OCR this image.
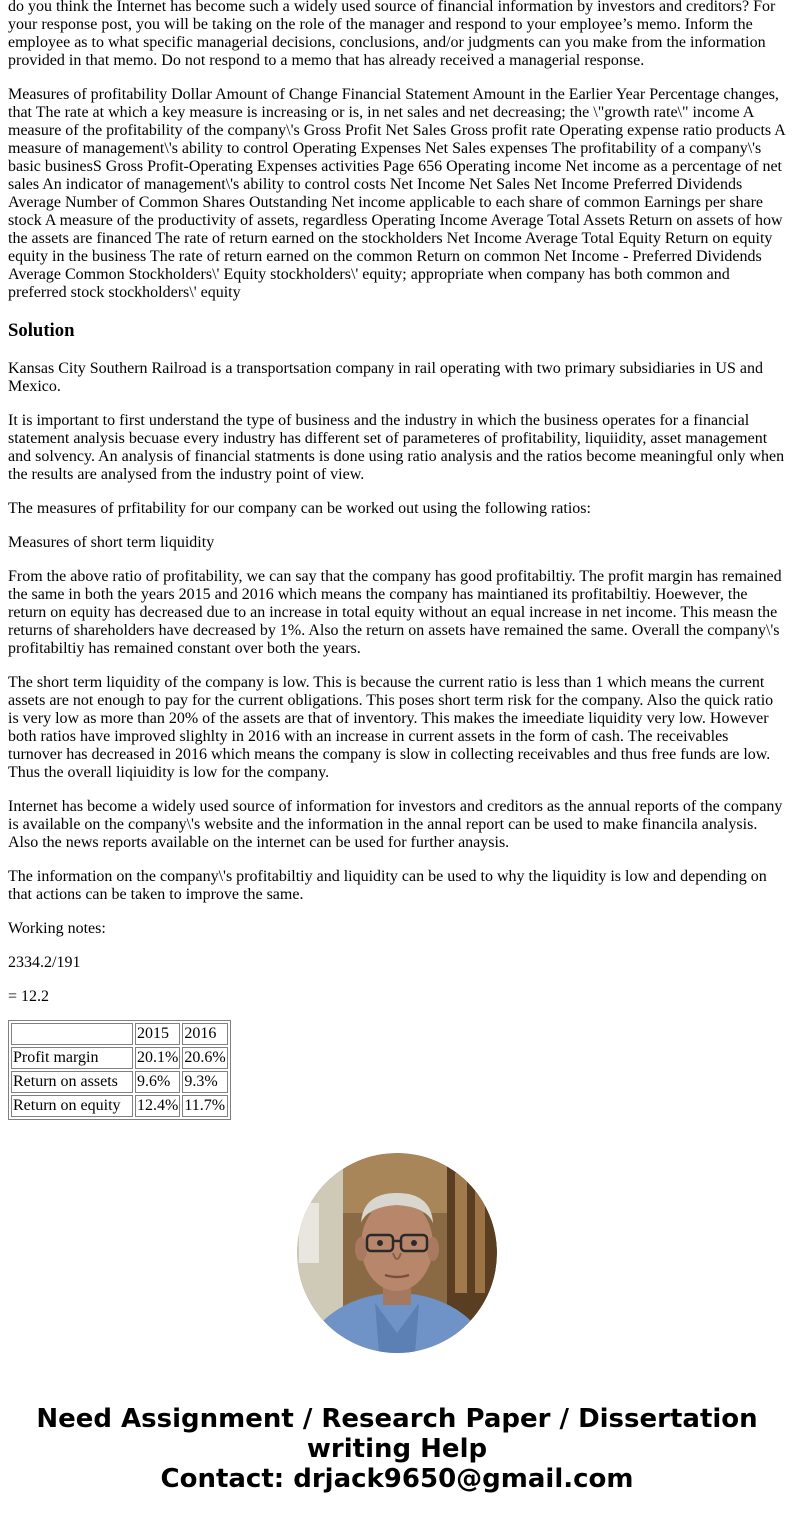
do you think the Internet has become such a widely used source of financial information by investors and creditors? For your response post, you will be taking on the role of the manager and respond to your employee’s memo. Inform the employee as to what specific managerial decisions, conclusions, and/or judgments can you make from the information provided in that memo. Do not respond to a memo that has already received a managerial response.

Measures of profitability Dollar Amount of Change Financial Statement Amount in the Earlier Year Percentage changes, that The rate at which a key measure is increasing or is, in net sales and net decreasing; the \"growth rate\" income A measure of the profitability of the company\'s Gross Profit Net Sales Gross profit rate Operating expense ratio products A measure of management\'s ability to control Operating Expenses Net Sales expenses The profitability of a company\'s basic businesS Gross Profit-Operating Expenses activities Page 656 Operating income Net income as a percentage of net sales An indicator of management\'s ability to control costs Net Income Net Sales Net Income Preferred Dividends Average Number of Common Shares Outstanding Net income applicable to each share of common Earnings per share stock A measure of the productivity of assets, regardless Operating Income Average Total Assets Return on assets of how the assets are financed The rate of return earned on the stockholders Net Income Average Total Equity Return on equity equity in the business The rate of return earned on the common Return on common Net Income - Preferred Dividends Average Common Stockholders\' Equity stockholders\' equity; appropriate when company has both common and preferred stock stockholders\' equity

Solution

Kansas City Southern Railroad is a transportsation company in rail operating with two primary subsidiaries in US and Mexico.

It is important to first understand the type of business and the industry in which the business operates for a financial statement analysis becuase every industry has different set of parameteres of profitability, liquiidity, asset management and solvency. An analysis of financial statments is done using ratio analysis and the ratios become meaningful only when the results are analysed from the industry point of view.

The measures of prfitability for our company can be worked out using the following ratios:

Measures of short term liquidity

From the above ratio of profitability, we can say that the company has good profitabiltiy. The profit margin has remained the same in both the years 2015 and 2016 which means the company has maintianed its profitabiltiy. Hoewever, the return on equity has decreased due to an increase in total equity without an equal increase in net income. This measn the returns of shareholders have decreased by 1%. Also the return on assets have remained the same. Overall the company\'s profitabiltiy has remained constant over both the years.

The short term liquidity of the company is low. This is because the current ratio is less than 1 which means the current assets are not enough to pay for the current obligations. This poses short term risk for the company. Also the quick ratio is very low as more than 20% of the assets are that of inventory. This makes the imeediate liquidity very low. However both ratios have improved slighlty in 2016 with an increase in current assets in the form of cash. The receivables turnover has decreased in 2016 which means the company is slow in collecting receivables and thus free funds are low. Thus the overall liqiuidity is low for the company.

Internet has become a widely used source of information for investors and creditors as the annual reports of the company is available on the company\'s website and the information in the annal report can be used to make financila analysis. Also the news reports available on the internet can be used for further anaysis.

The information on the company\'s profitabiltiy and liquidity can be used to why the liquidity is low and depending on that actions can be taken to improve the same.

Working notes:

2334.2/191

= 12.2

	2015	2016
Profit margin	20.1%	20.6%
Return on assets	9.6%	9.3%
Return on equity	12.4%	11.7%
Need Assignment / Research Paper / Dissertation
writing Help
Contact: drjack9650@gmail.com
